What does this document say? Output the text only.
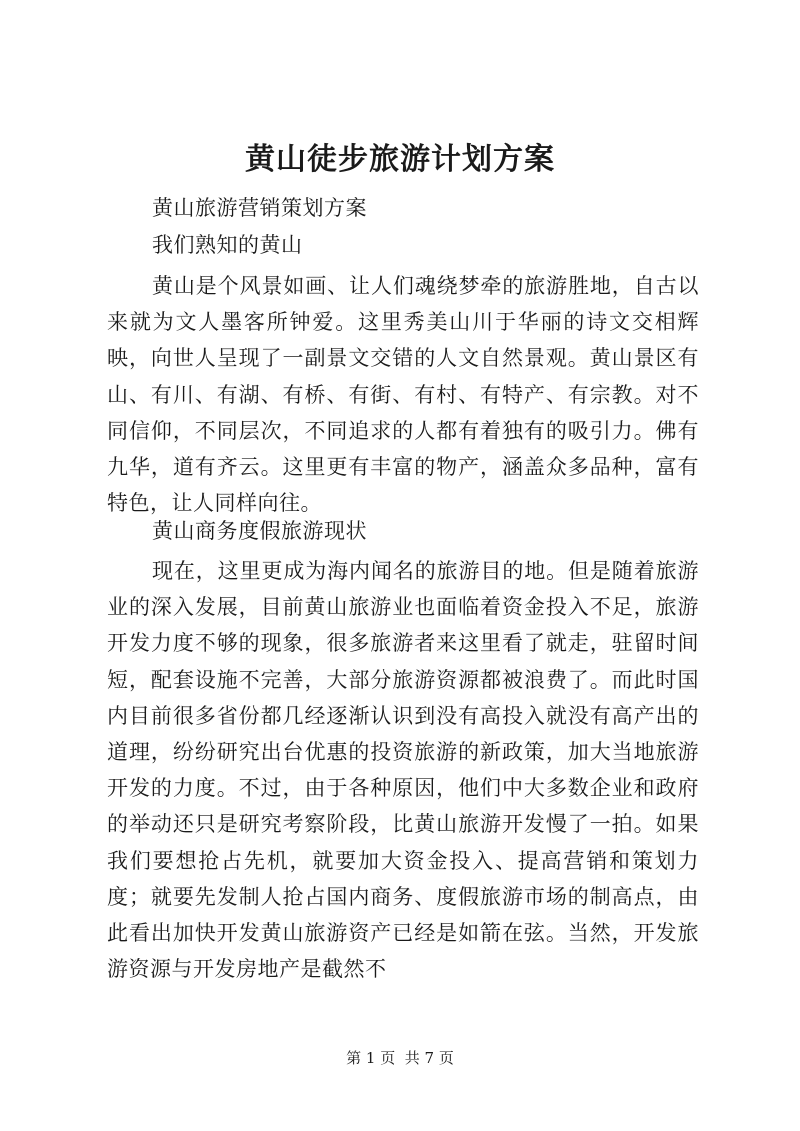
黄山徒步旅游计划方案
黄山旅游营销策划方案
我们熟知的黄山
黄山是个风景如画、让人们魂绕梦牵的旅游胜地，自古以来就为文人墨客所钟爱。这里秀美山川于华丽的诗文交相辉映，向世人呈现了一副景文交错的人文自然景观。黄山景区有山、有川、有湖、有桥、有街、有村、有特产、有宗教。对不同信仰，不同层次，不同追求的人都有着独有的吸引力。佛有九华，道有齐云。这里更有丰富的物产，涵盖众多品种，富有特色，让人同样向往。
黄山商务度假旅游现状
现在，这里更成为海内闻名的旅游目的地。但是随着旅游业的深入发展，目前黄山旅游业也面临着资金投入不足，旅游开发力度不够的现象，很多旅游者来这里看了就走，驻留时间短，配套设施不完善，大部分旅游资源都被浪费了。而此时国内目前很多省份都几经逐渐认识到没有高投入就没有高产出的道理，纷纷研究出台优惠的投资旅游的新政策，加大当地旅游开发的力度。不过，由于各种原因，他们中大多数企业和政府的举动还只是研究考察阶段，比黄山旅游开发慢了一拍。如果我们要想抢占先机，就要加大资金投入、提高营销和策划力度；就要先发制人抢占国内商务、度假旅游市场的制高点，由此看出加快开发黄山旅游资产已经是如箭在弦。当然，开发旅游资源与开发房地产是截然不
第 1 页  共 7 页
